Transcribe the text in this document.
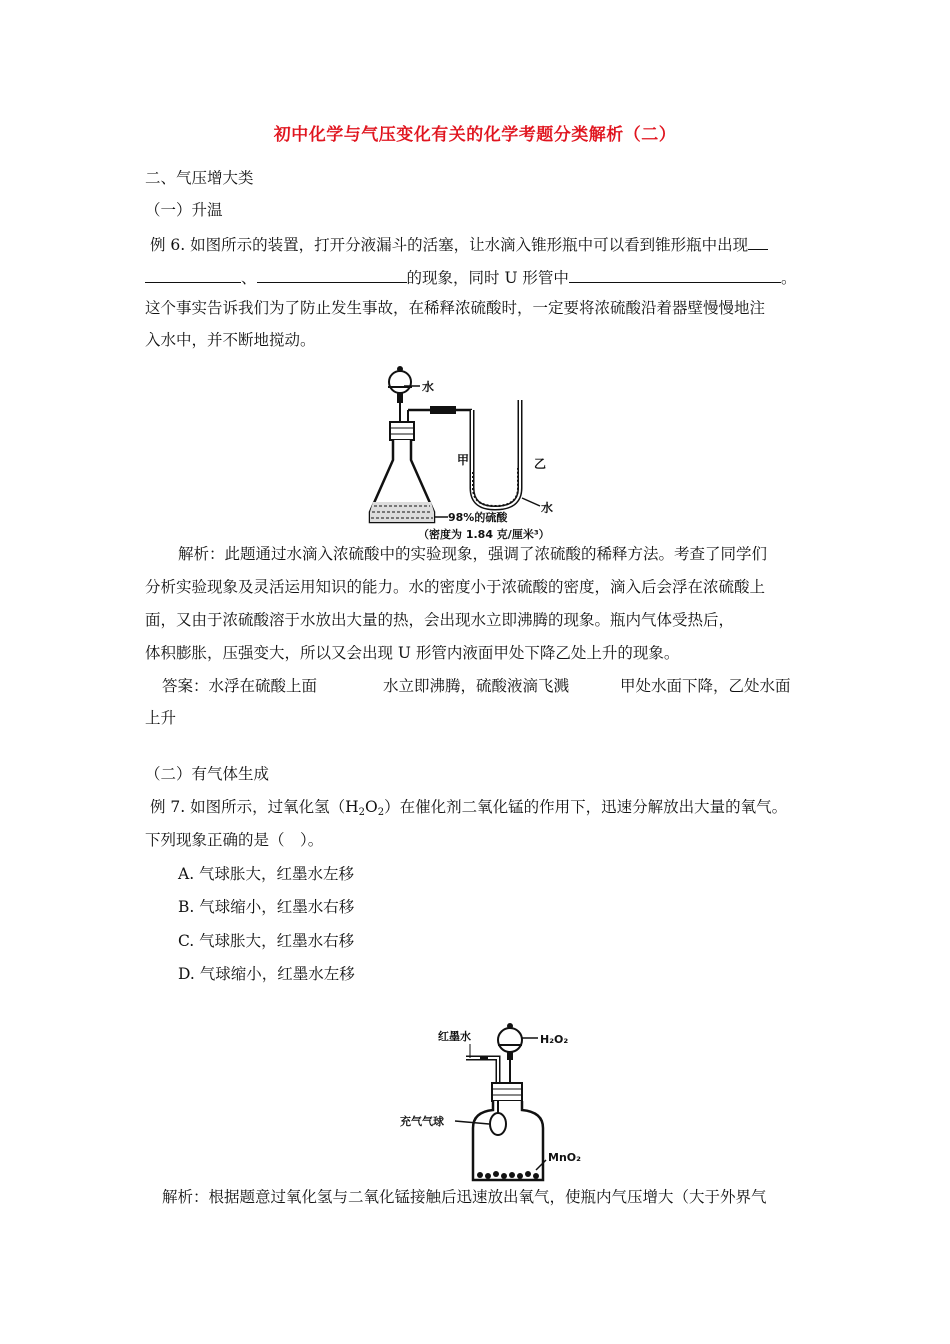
初中化学与气压变化有关的化学考题分类解析（二）
二、气压增大类
（一）升温
例 6. 如图所示的装置，打开分液漏斗的活塞，让水滴入锥形瓶中可以看到锥形瓶中出现
、	的现象，同时 U 形管中	。
这个事实告诉我们为了防止发生事故，在稀释浓硫酸时，一定要将浓硫酸沿着器壁慢慢地注
入水中，并不断地搅动。
水
甲	乙
水
98%的硫酸
（密度为 1.84 克/厘米³）
解析：此题通过水滴入浓硫酸中的实验现象，强调了浓硫酸的稀释方法。考查了同学们
分析实验现象及灵活运用知识的能力。水的密度小于浓硫酸的密度，滴入后会浮在浓硫酸上
面，又由于浓硫酸溶于水放出大量的热，会出现水立即沸腾的现象。瓶内气体受热后，
体积膨胀，压强变大，所以又会出现 U 形管内液面甲处下降乙处上升的现象。
答案：水浮在硫酸上面	水立即沸腾，硫酸液滴飞溅	甲处水面下降，乙处水面
上升
（二）有气体生成
例 7. 如图所示，过氧化氢$(H_2O_2)$在催化剂二氧化锰的作用下，迅速分解放出大量的氧气。
下列现象正确的是（　）。
A. 气球胀大，红墨水左移
B. 气球缩小，红墨水右移
C. 气球胀大，红墨水右移
D. 气球缩小，红墨水左移
H₂O₂
红墨水
充气气球
MnO₂
解析：根据题意过氧化氢与二氧化锰接触后迅速放出氧气，使瓶内气压增大（大于外界气
